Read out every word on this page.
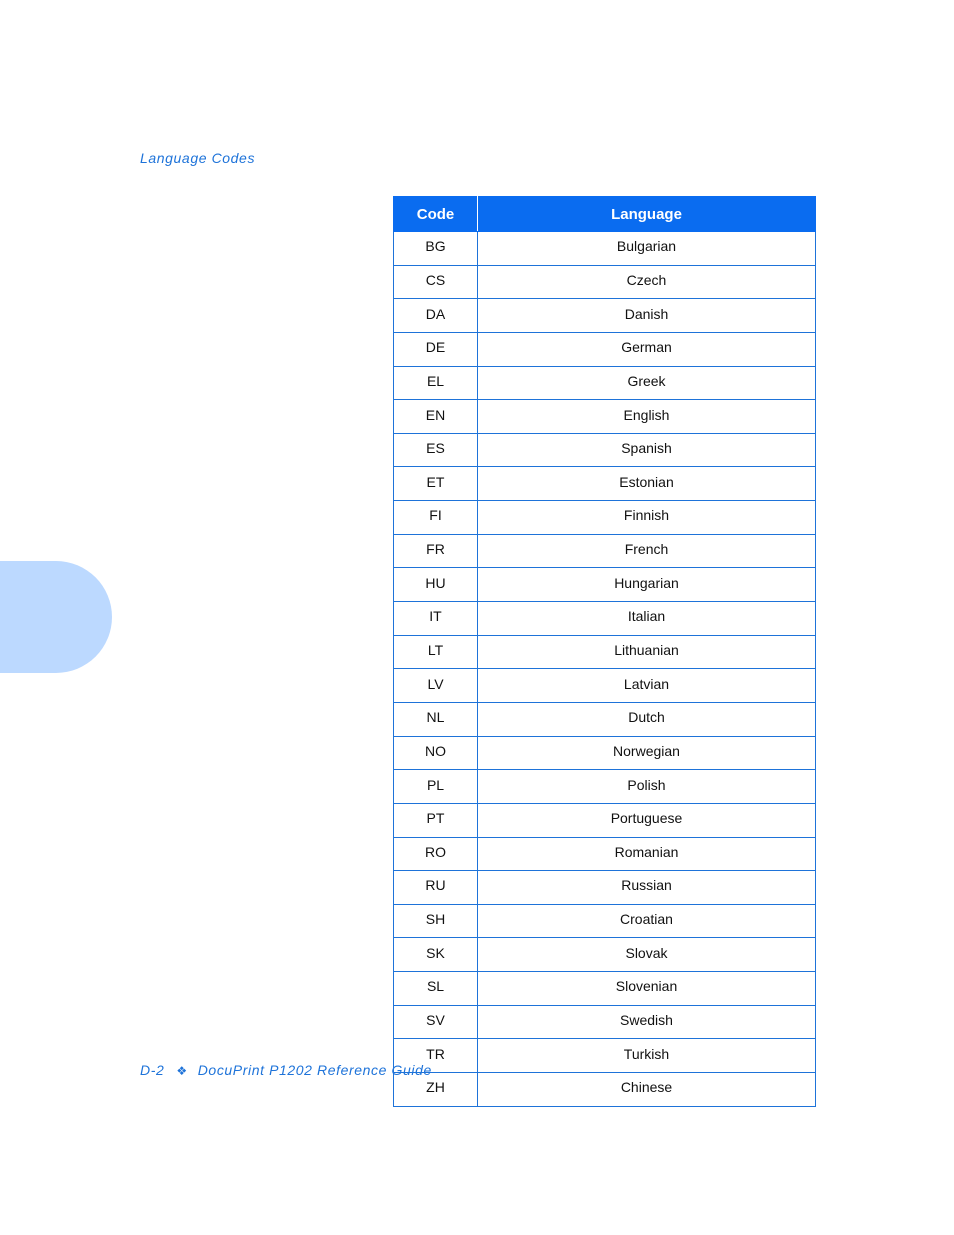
Language Codes
Code	Language
BG	Bulgarian
CS	Czech
DA	Danish
DE	German
EL	Greek
EN	English
ES	Spanish
ET	Estonian
FI	Finnish
FR	French
HU	Hungarian
IT	Italian
LT	Lithuanian
LV	Latvian
NL	Dutch
NO	Norwegian
PL	Polish
PT	Portuguese
RO	Romanian
RU	Russian
SH	Croatian
SK	Slovak
SL	Slovenian
SV	Swedish
TR	Turkish
ZH	Chinese
D-2 ❖ DocuPrint P1202 Reference Guide
